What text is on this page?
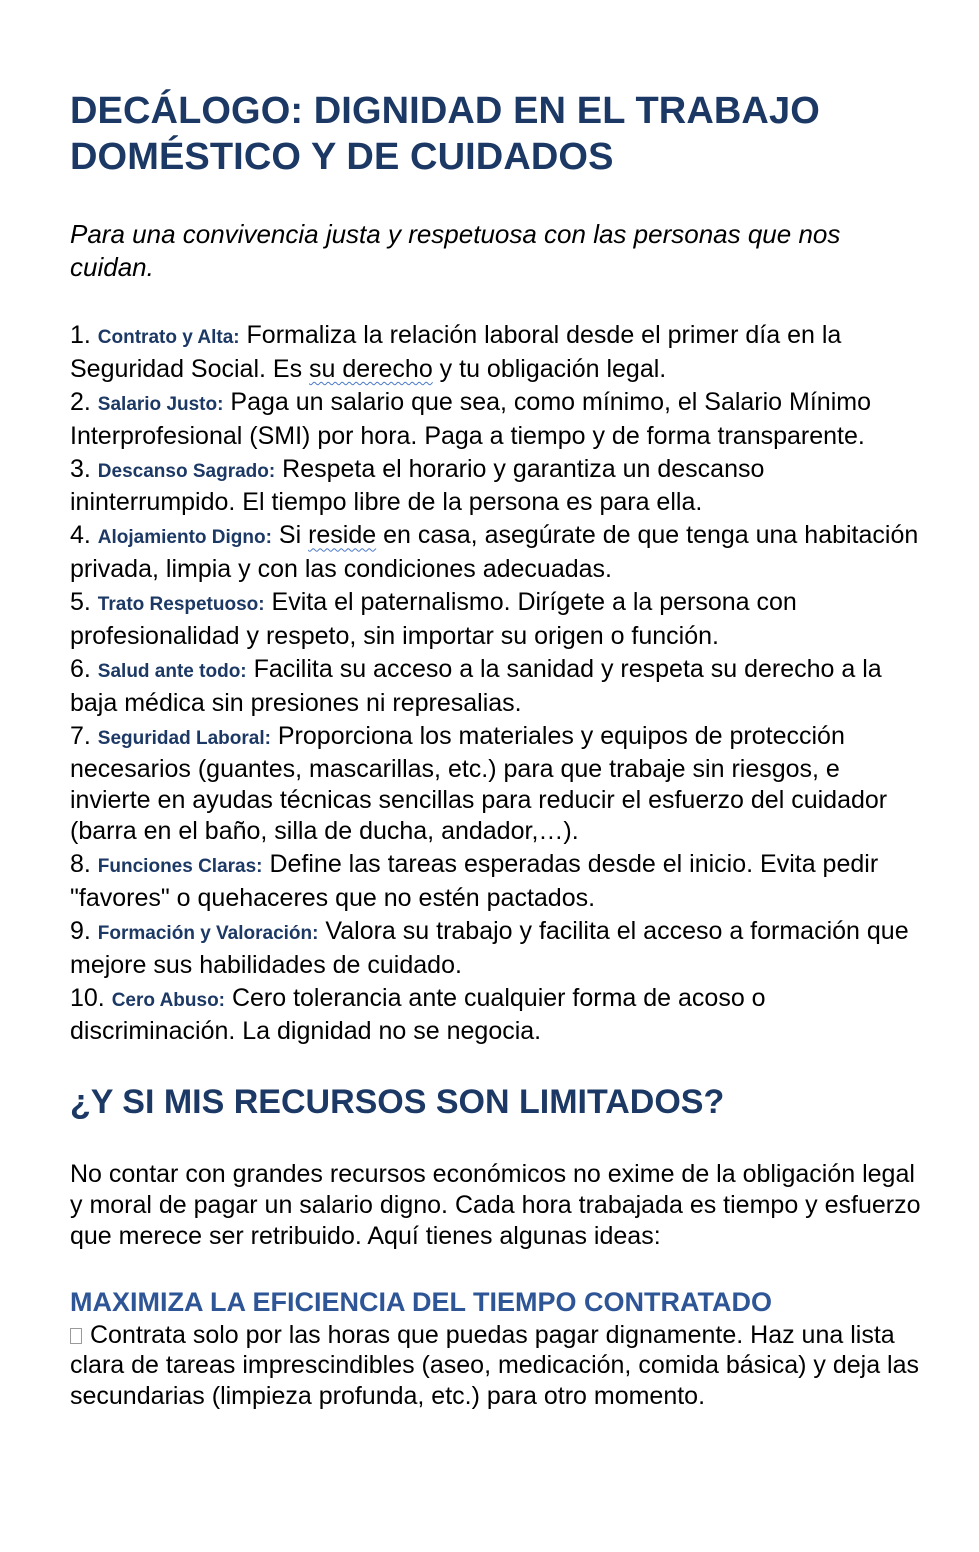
DECÁLOGO: DIGNIDAD EN EL TRABAJO
DOMÉSTICO Y DE CUIDADOS

Para una convivencia justa y respetuosa con las personas que nos cuidan.

1. Contrato y Alta: Formaliza la relación laboral desde el primer día en la Seguridad Social. Es su derecho y tu obligación legal.
2. Salario Justo: Paga un salario que sea, como mínimo, el Salario Mínimo Interprofesional (SMI) por hora. Paga a tiempo y de forma transparente.
3. Descanso Sagrado: Respeta el horario y garantiza un descanso ininterrumpido. El tiempo libre de la persona es para ella.
4. Alojamiento Digno: Si reside en casa, asegúrate de que tenga una habitación privada, limpia y con las condiciones adecuadas.
5. Trato Respetuoso: Evita el paternalismo. Dirígete a la persona con profesionalidad y respeto, sin importar su origen o función.
6. Salud ante todo: Facilita su acceso a la sanidad y respeta su derecho a la baja médica sin presiones ni represalias.
7. Seguridad Laboral: Proporciona los materiales y equipos de protección necesarios (guantes, mascarillas, etc.) para que trabaje sin riesgos, e invierte en ayudas técnicas sencillas para reducir el esfuerzo del cuidador (barra en el baño, silla de ducha, andador,…).
8. Funciones Claras: Define las tareas esperadas desde el inicio. Evita pedir "favores" o quehaceres que no estén pactados.
9. Formación y Valoración: Valora su trabajo y facilita el acceso a formación que mejore sus habilidades de cuidado.
10. Cero Abuso: Cero tolerancia ante cualquier forma de acoso o discriminación. La dignidad no se negocia.
¿Y SI MIS RECURSOS SON LIMITADOS?

No contar con grandes recursos económicos no exime de la obligación legal y moral de pagar un salario digno. Cada hora trabajada es tiempo y esfuerzo que merece ser retribuido. Aquí tienes algunas ideas:

MAXIMIZA LA EFICIENCIA DEL TIEMPO CONTRATADO

Contrata solo por las horas que puedas pagar dignamente. Haz una lista clara de tareas imprescindibles (aseo, medicación, comida básica) y deja las secundarias (limpieza profunda, etc.) para otro momento.
